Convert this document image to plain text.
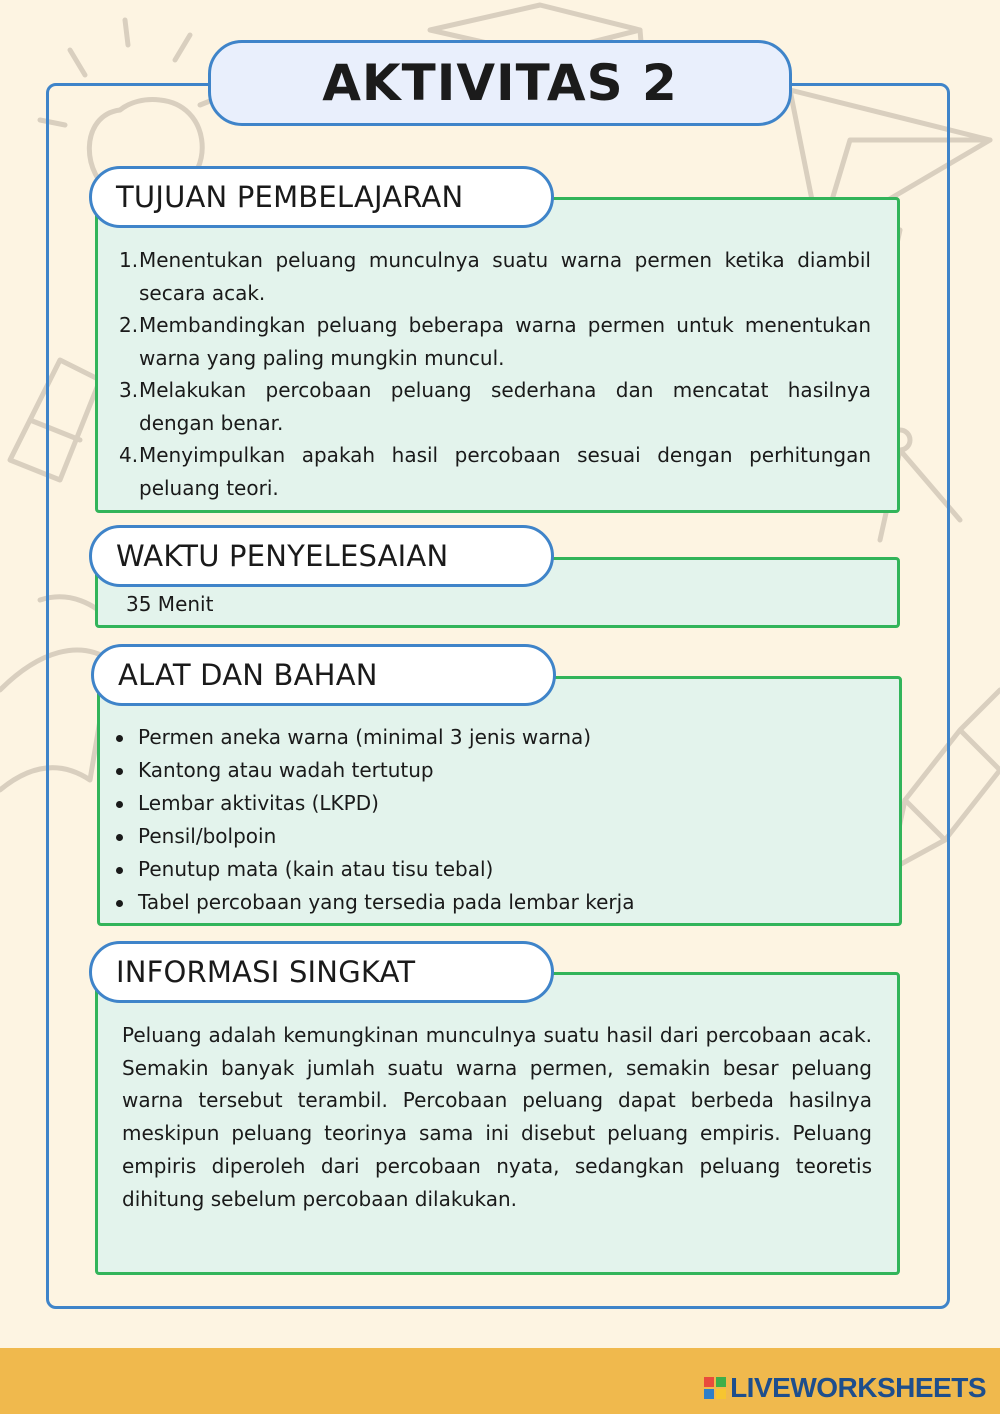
AKTIVITAS 2
1. Menentukan peluang munculnya suatu warna permen ketika diambil secara acak.
2. Membandingkan peluang beberapa warna permen untuk menentukan warna yang paling mungkin muncul.
3. Melakukan percobaan peluang sederhana dan mencatat hasilnya dengan benar.
4. Menyimpulkan apakah hasil percobaan sesuai dengan perhitungan peluang teori.
TUJUAN PEMBELAJARAN
35 Menit
WAKTU PENYELESAIAN
Permen aneka warna (minimal 3 jenis warna)
Kantong atau wadah tertutup
Lembar aktivitas (LKPD)
Pensil/bolpoin
Penutup mata (kain atau tisu tebal)
Tabel percobaan yang tersedia pada lembar kerja
ALAT DAN BAHAN

Peluang adalah kemungkinan munculnya suatu hasil dari percobaan acak. Semakin banyak jumlah suatu warna permen, semakin besar peluang warna tersebut terambil. Percobaan peluang dapat berbeda hasilnya meskipun peluang teorinya sama ini disebut peluang empiris. Peluang empiris diperoleh dari percobaan nyata, sedangkan peluang teoretis dihitung sebelum percobaan dilakukan.

INFORMASI SINGKAT
LIVEWORKSHEETS
